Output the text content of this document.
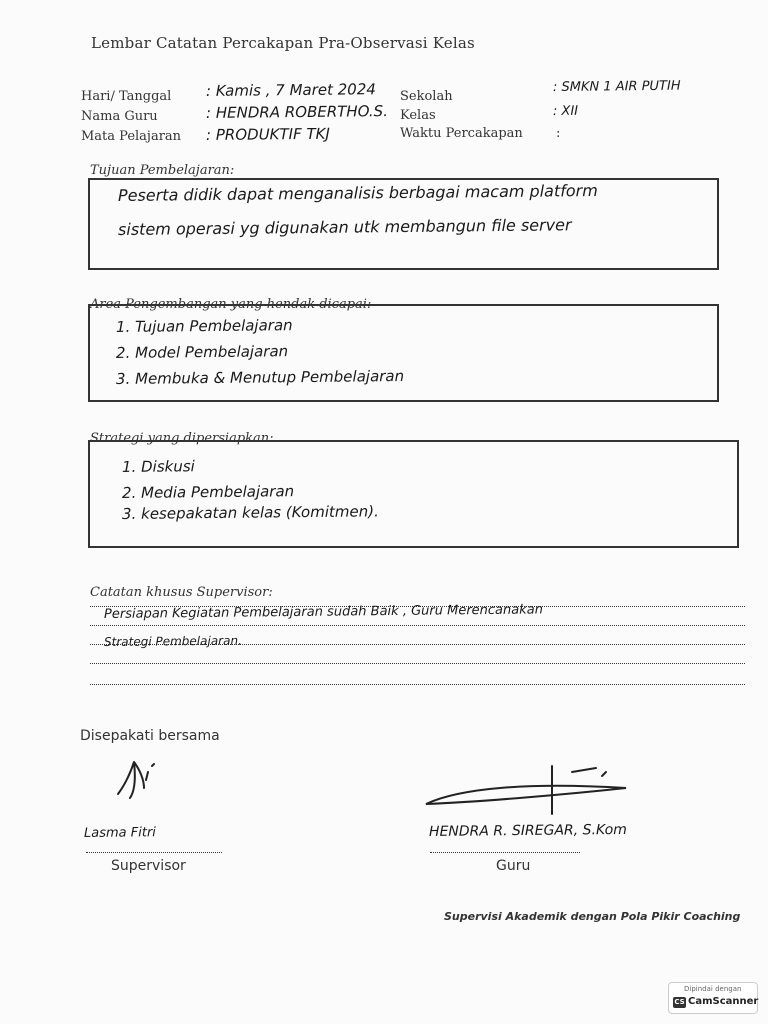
Lembar Catatan Percakapan Pra-Observasi Kelas
Hari/ Tanggal : Kamis , 7 Maret 2024
Nama Guru	: HENDRA ROBERTHO.S.
Mata Pelajaran : PRODUKTIF TKJ
Sekolah
: SMKN 1 AIR PUTIH
Kelas	: XII
Waktu Percakapan	:
Tujuan Pembelajaran:
Peserta didik dapat menganalisis berbagai macam platform
sistem operasi yg digunakan utk membangun file server
Area Pengembangan yang hendak dicapai:
1. Tujuan Pembelajaran
2. Model Pembelajaran
3. Membuka & Menutup Pembelajaran
Strategi yang dipersiapkan:
1. Diskusi
2. Media Pembelajaran
3. kesepakatan kelas (Komitmen).
Catatan khusus Supervisor:
Persiapan Kegiatan Pembelajaran sudah Baik , Guru Merencanakan
Strategi Pembelajaran.
Disepakati bersama
Lasma Fitri
Supervisor
HENDRA R. SIREGAR, S.Kom
Guru
Supervisi Akademik dengan Pola Pikir Coaching
Dipindai dengan
CS CamScanner
